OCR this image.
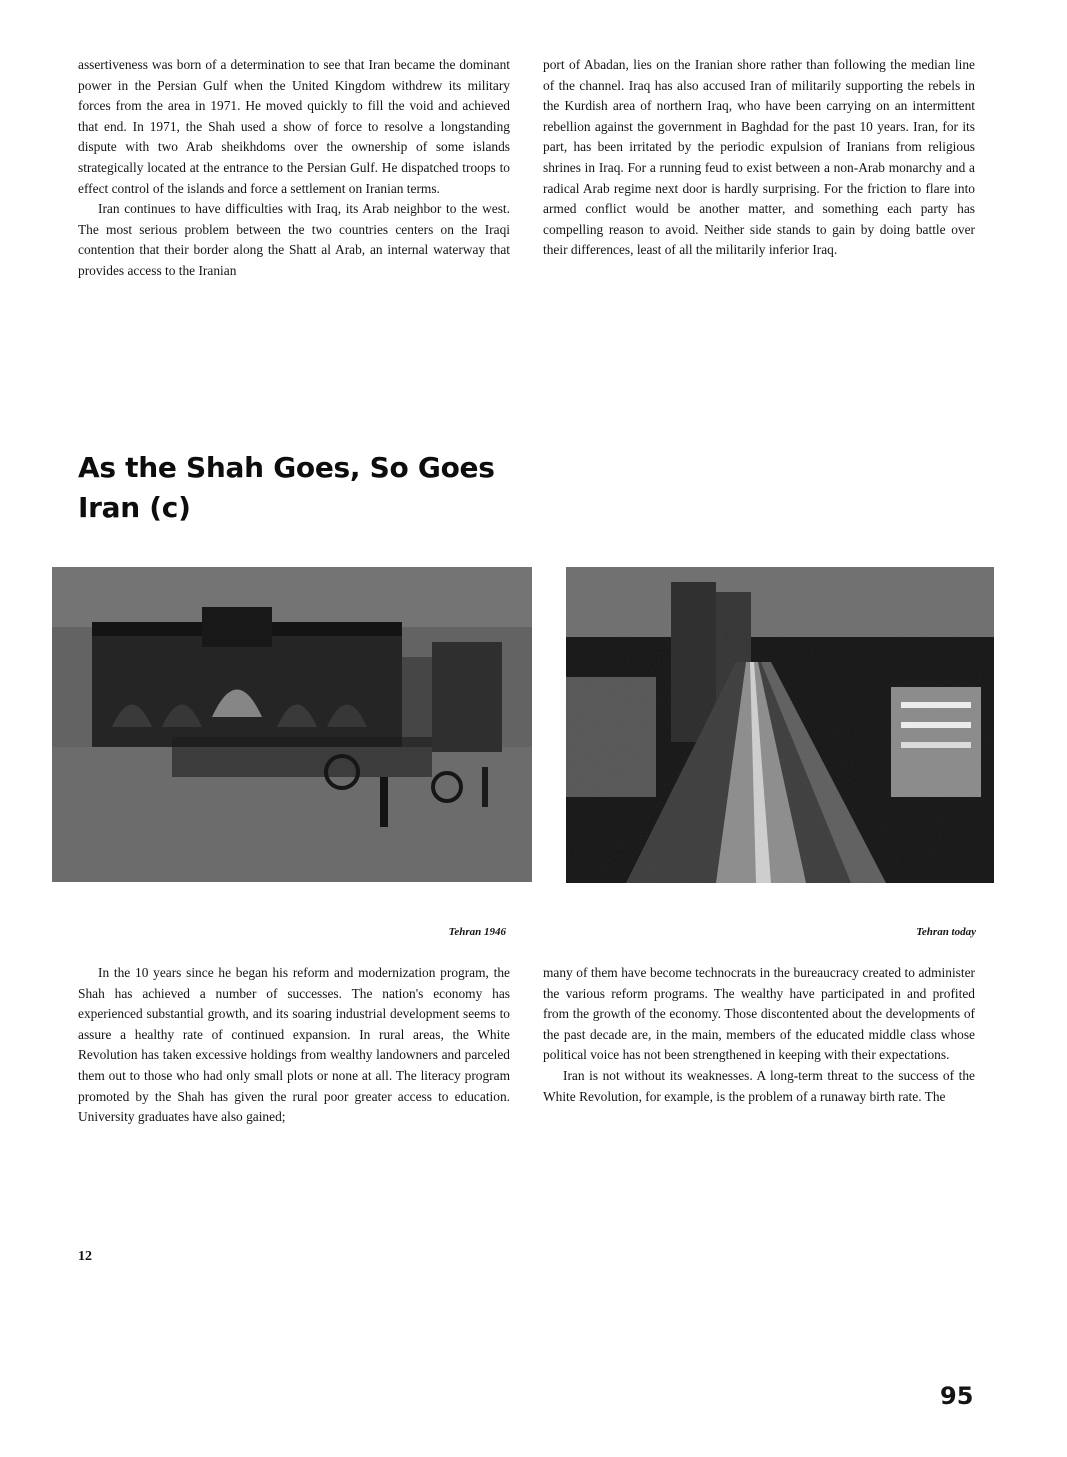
assertiveness was born of a determination to see that Iran became the dominant power in the Persian Gulf when the United Kingdom withdrew its military forces from the area in 1971. He moved quickly to fill the void and achieved that end. In 1971, the Shah used a show of force to resolve a longstanding dispute with two Arab sheikhdoms over the ownership of some islands strategically located at the entrance to the Persian Gulf. He dispatched troops to effect control of the islands and force a settlement on Iranian terms.

Iran continues to have difficulties with Iraq, its Arab neighbor to the west. The most serious problem between the two countries centers on the Iraqi contention that their border along the Shatt al Arab, an internal waterway that provides access to the Iranian

port of Abadan, lies on the Iranian shore rather than following the median line of the channel. Iraq has also accused Iran of militarily supporting the rebels in the Kurdish area of northern Iraq, who have been carrying on an intermittent rebellion against the government in Baghdad for the past 10 years. Iran, for its part, has been irritated by the periodic expulsion of Iranians from religious shrines in Iraq. For a running feud to exist between a non-Arab monarchy and a radical Arab regime next door is hardly surprising. For the friction to flare into armed conflict would be another matter, and something each party has compelling reason to avoid. Neither side stands to gain by doing battle over their differences, least of all the militarily inferior Iraq.

As the Shah Goes, So Goes Iran (c)
Tehran 1946	Tehran today

In the 10 years since he began his reform and modernization program, the Shah has achieved a number of successes. The nation's economy has experienced substantial growth, and its soaring industrial development seems to assure a healthy rate of continued expansion. In rural areas, the White Revolution has taken excessive holdings from wealthy landowners and parceled them out to those who had only small plots or none at all. The literacy program promoted by the Shah has given the rural poor greater access to education. University graduates have also gained;

many of them have become technocrats in the bureaucracy created to administer the various reform programs. The wealthy have participated in and profited from the growth of the economy. Those discontented about the developments of the past decade are, in the main, members of the educated middle class whose political voice has not been strengthened in keeping with their expectations.

Iran is not without its weaknesses. A long-term threat to the success of the White Revolution, for example, is the problem of a runaway birth rate. The

12
95
